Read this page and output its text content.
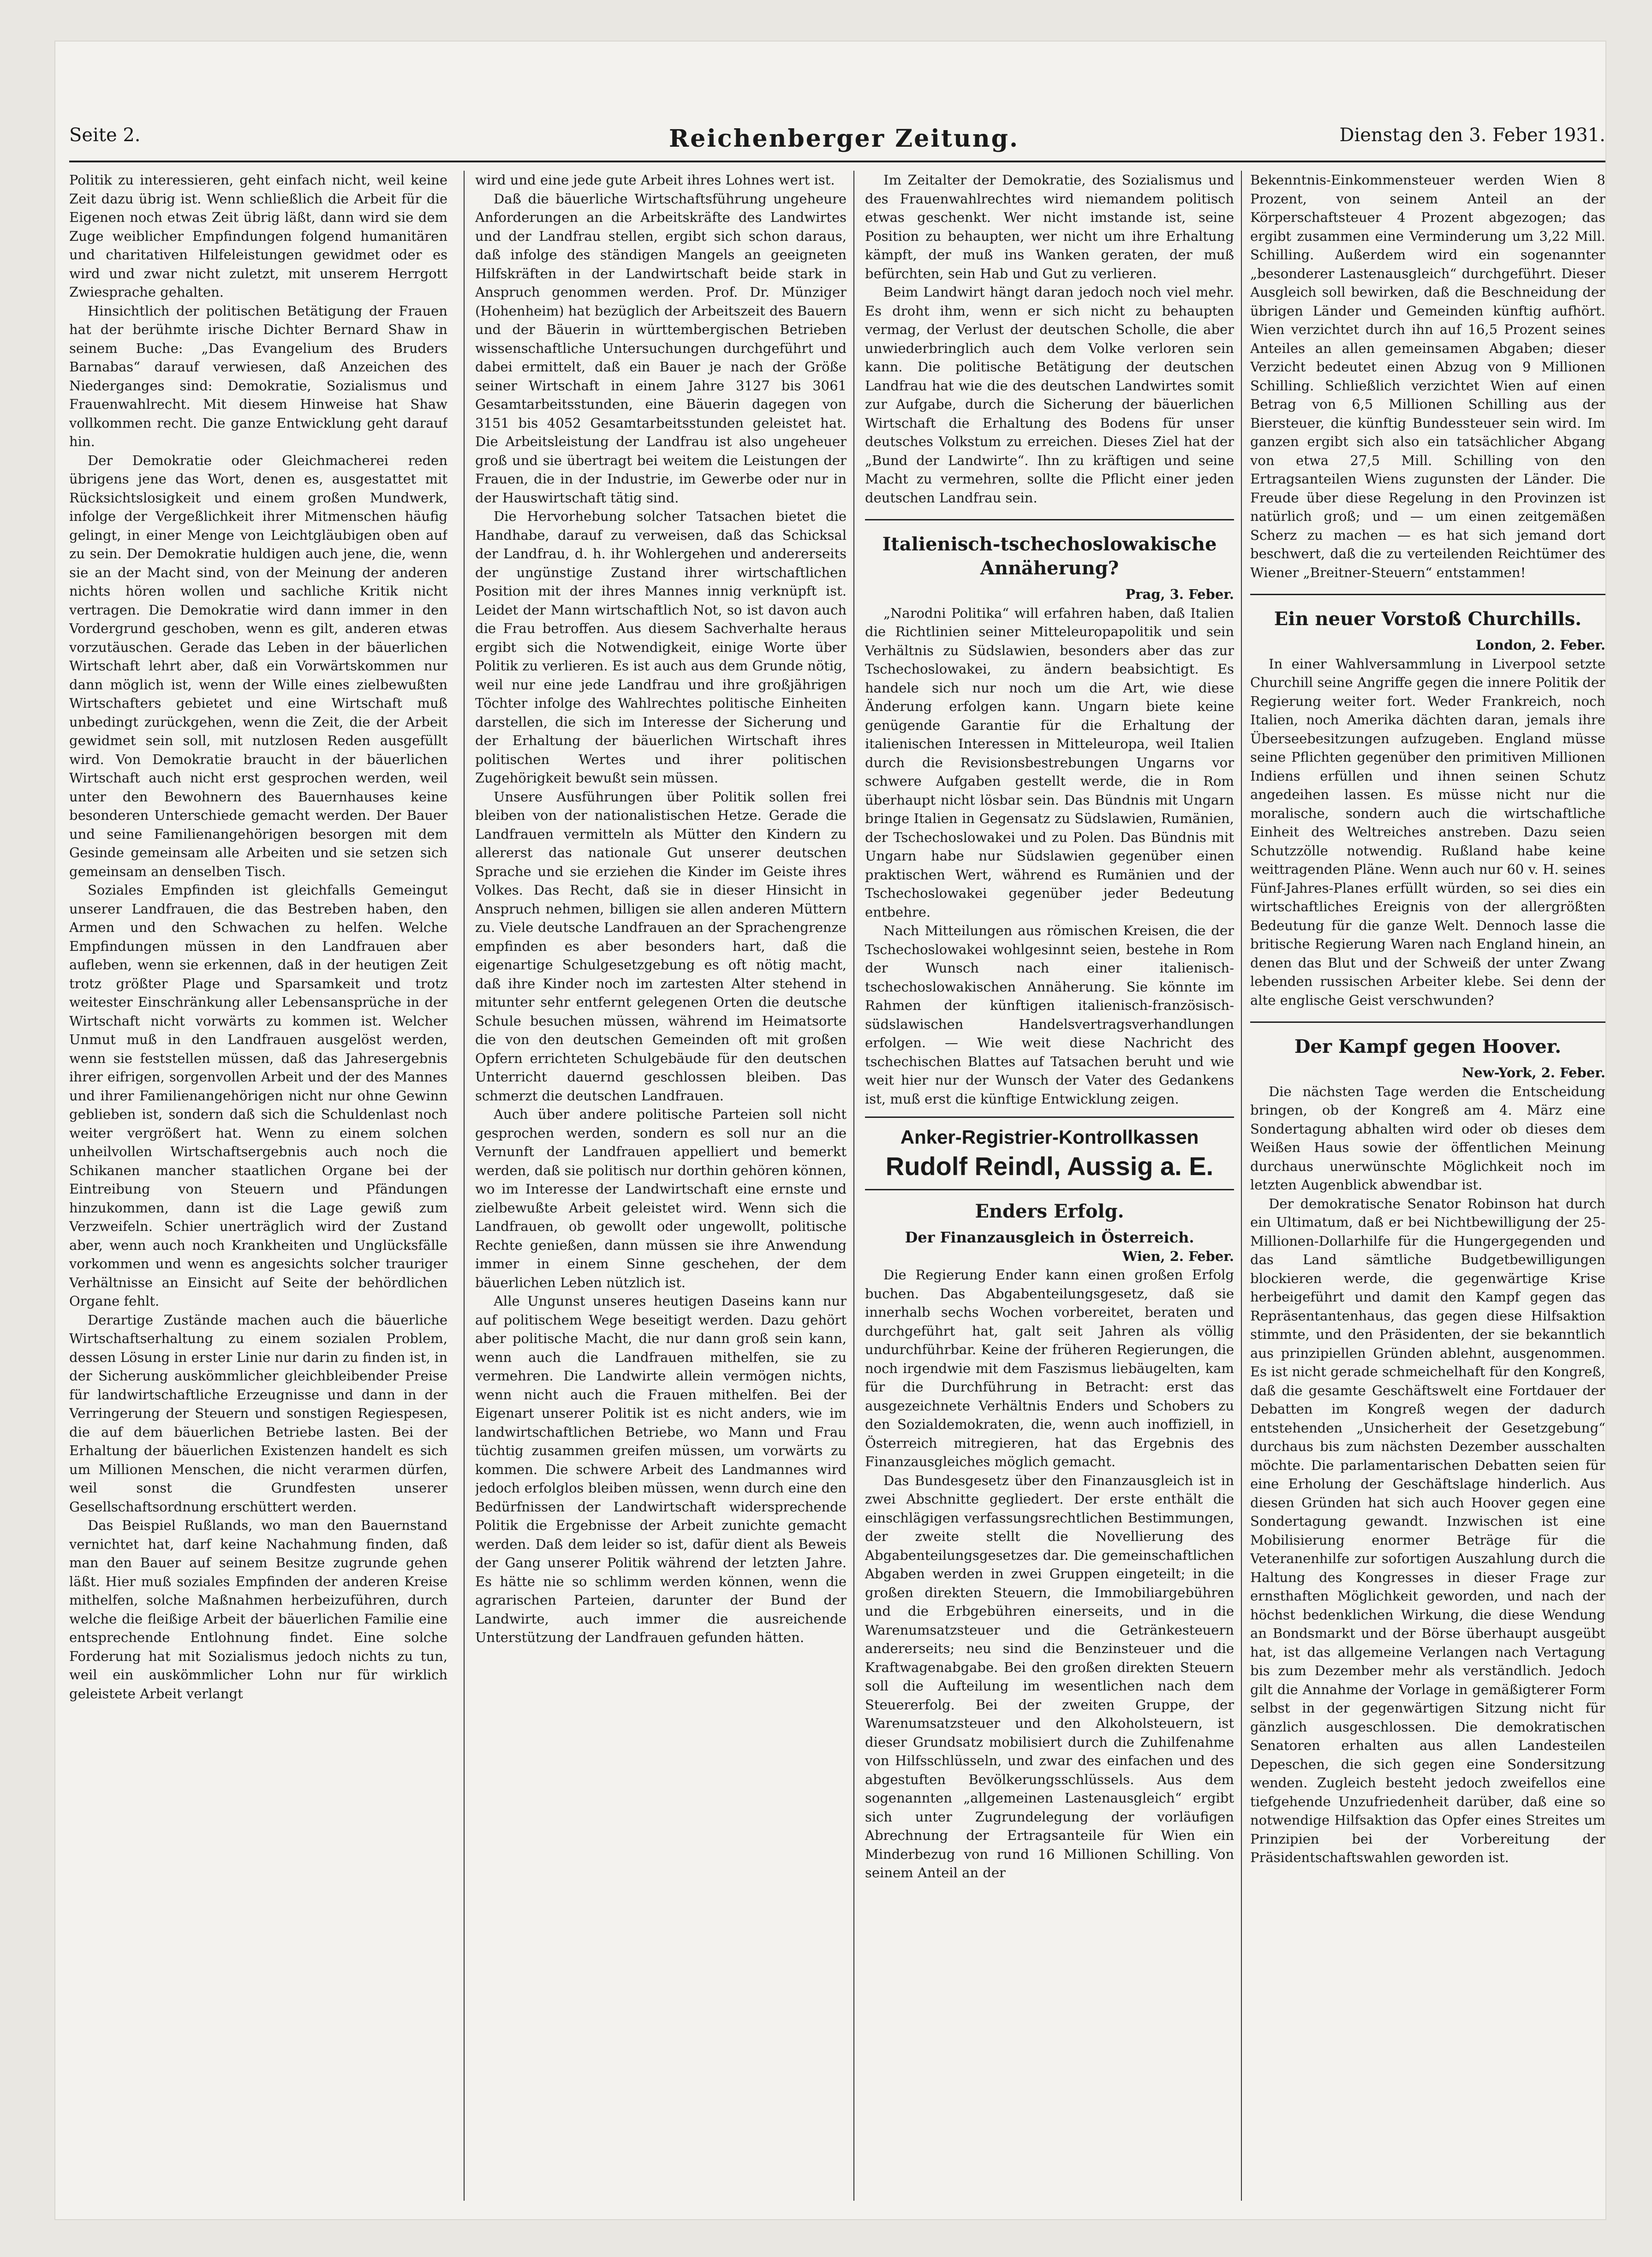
Seite 2.	Reichenberger Zeitung.	Dienstag den 3. Feber 1931.

Politik zu interessieren, geht einfach nicht, weil keine Zeit dazu übrig ist. Wenn schließlich die Arbeit für die Eigenen noch etwas Zeit übrig läßt, dann wird sie dem Zuge weiblicher Empfindungen folgend humanitären und charitativen Hilfeleistungen gewidmet oder es wird und zwar nicht zuletzt, mit unserem Herrgott Zwiesprache gehalten.

Hinsichtlich der politischen Betätigung der Frauen hat der berühmte irische Dichter Bernard Shaw in seinem Buche: „Das Evangelium des Bruders Barnabas“ darauf verwiesen, daß Anzeichen des Niederganges sind: Demokratie, Sozialismus und Frauenwahlrecht. Mit diesem Hinweise hat Shaw vollkommen recht. Die ganze Entwicklung geht darauf hin.

Der Demokratie oder Gleichmacherei reden übrigens jene das Wort, denen es, ausgestattet mit Rücksichtslosigkeit und einem großen Mundwerk, infolge der Vergeßlichkeit ihrer Mitmenschen häufig gelingt, in einer Menge von Leichtgläubigen oben auf zu sein. Der Demokratie huldigen auch jene, die, wenn sie an der Macht sind, von der Meinung der anderen nichts hören wollen und sachliche Kritik nicht vertragen. Die Demokratie wird dann immer in den Vordergrund geschoben, wenn es gilt, anderen etwas vorzutäuschen. Gerade das Leben in der bäuerlichen Wirtschaft lehrt aber, daß ein Vorwärtskommen nur dann möglich ist, wenn der Wille eines zielbewußten Wirtschafters gebietet und eine Wirtschaft muß unbedingt zurückgehen, wenn die Zeit, die der Arbeit gewidmet sein soll, mit nutzlosen Reden ausgefüllt wird. Von Demokratie braucht in der bäuerlichen Wirtschaft auch nicht erst gesprochen werden, weil unter den Bewohnern des Bauernhauses keine besonderen Unterschiede gemacht werden. Der Bauer und seine Familienangehörigen besorgen mit dem Gesinde gemeinsam alle Arbeiten und sie setzen sich gemeinsam an denselben Tisch.

Soziales Empfinden ist gleichfalls Gemeingut unserer Landfrauen, die das Bestreben haben, den Armen und den Schwachen zu helfen. Welche Empfindungen müssen in den Landfrauen aber aufleben, wenn sie erkennen, daß in der heutigen Zeit trotz größter Plage und Sparsamkeit und trotz weitester Einschränkung aller Lebensansprüche in der Wirtschaft nicht vorwärts zu kommen ist. Welcher Unmut muß in den Landfrauen ausgelöst werden, wenn sie feststellen müssen, daß das Jahresergebnis ihrer eifrigen, sorgenvollen Arbeit und der des Mannes und ihrer Familienangehörigen nicht nur ohne Gewinn geblieben ist, sondern daß sich die Schuldenlast noch weiter vergrößert hat. Wenn zu einem solchen unheilvollen Wirtschaftsergebnis auch noch die Schikanen mancher staatlichen Organe bei der Eintreibung von Steuern und Pfändungen hinzukommen, dann ist die Lage gewiß zum Verzweifeln. Schier unerträglich wird der Zustand aber, wenn auch noch Krankheiten und Unglücksfälle vorkommen und wenn es angesichts solcher trauriger Verhältnisse an Einsicht auf Seite der behördlichen Organe fehlt.

Derartige Zustände machen auch die bäuerliche Wirtschaftserhaltung zu einem sozialen Problem, dessen Lösung in erster Linie nur darin zu finden ist, in der Sicherung auskömmlicher gleichbleibender Preise für landwirtschaftliche Erzeugnisse und dann in der Verringerung der Steuern und sonstigen Regiespesen, die auf dem bäuerlichen Betriebe lasten. Bei der Erhaltung der bäuerlichen Existenzen handelt es sich um Millionen Menschen, die nicht verarmen dürfen, weil sonst die Grundfesten unserer Gesellschaftsordnung erschüttert werden.

Das Beispiel Rußlands, wo man den Bauernstand vernichtet hat, darf keine Nachahmung finden, daß man den Bauer auf seinem Besitze zugrunde gehen läßt. Hier muß soziales Empfinden der anderen Kreise mithelfen, solche Maßnahmen herbeizuführen, durch welche die fleißige Arbeit der bäuerlichen Familie eine entsprechende Entlohnung findet. Eine solche Forderung hat mit Sozialismus jedoch nichts zu tun, weil ein auskömmlicher Lohn nur für wirklich geleistete Arbeit verlangt

wird und eine jede gute Arbeit ihres Lohnes wert ist.

Daß die bäuerliche Wirtschaftsführung ungeheure Anforderungen an die Arbeitskräfte des Landwirtes und der Landfrau stellen, ergibt sich schon daraus, daß infolge des ständigen Mangels an geeigneten Hilfskräften in der Landwirtschaft beide stark in Anspruch genommen werden. Prof. Dr. Münziger (Hohenheim) hat bezüglich der Arbeitszeit des Bauern und der Bäuerin in württembergischen Betrieben wissenschaftliche Untersuchungen durchgeführt und dabei ermittelt, daß ein Bauer je nach der Größe seiner Wirtschaft in einem Jahre 3127 bis 3061 Gesamtarbeitsstunden, eine Bäuerin dagegen von 3151 bis 4052 Gesamtarbeitsstunden geleistet hat. Die Arbeitsleistung der Landfrau ist also ungeheuer groß und sie übertragt bei weitem die Leistungen der Frauen, die in der Industrie, im Gewerbe oder nur in der Hauswirtschaft tätig sind.

Die Hervorhebung solcher Tatsachen bietet die Handhabe, darauf zu verweisen, daß das Schicksal der Landfrau, d. h. ihr Wohlergehen und andererseits der ungünstige Zustand ihrer wirtschaftlichen Position mit der ihres Mannes innig verknüpft ist. Leidet der Mann wirtschaftlich Not, so ist davon auch die Frau betroffen. Aus diesem Sachverhalte heraus ergibt sich die Notwendigkeit, einige Worte über Politik zu verlieren. Es ist auch aus dem Grunde nötig, weil nur eine jede Landfrau und ihre großjährigen Töchter infolge des Wahlrechtes politische Einheiten darstellen, die sich im Interesse der Sicherung und der Erhaltung der bäuerlichen Wirtschaft ihres politischen Wertes und ihrer politischen Zugehörigkeit bewußt sein müssen.

Unsere Ausführungen über Politik sollen frei bleiben von der nationalistischen Hetze. Gerade die Landfrauen vermitteln als Mütter den Kindern zu allererst das nationale Gut unserer deutschen Sprache und sie erziehen die Kinder im Geiste ihres Volkes. Das Recht, daß sie in dieser Hinsicht in Anspruch nehmen, billigen sie allen anderen Müttern zu. Viele deutsche Landfrauen an der Sprachengrenze empfinden es aber besonders hart, daß die eigenartige Schulgesetzgebung es oft nötig macht, daß ihre Kinder noch im zartesten Alter stehend in mitunter sehr entfernt gelegenen Orten die deutsche Schule besuchen müssen, während im Heimatsorte die von den deutschen Gemeinden oft mit großen Opfern errichteten Schulgebäude für den deutschen Unterricht dauernd geschlossen bleiben. Das schmerzt die deutschen Landfrauen.

Auch über andere politische Parteien soll nicht gesprochen werden, sondern es soll nur an die Vernunft der Landfrauen appelliert und bemerkt werden, daß sie politisch nur dorthin gehören können, wo im Interesse der Landwirtschaft eine ernste und zielbewußte Arbeit geleistet wird. Wenn sich die Landfrauen, ob gewollt oder ungewollt, politische Rechte genießen, dann müssen sie ihre Anwendung immer in einem Sinne geschehen, der dem bäuerlichen Leben nützlich ist.

Alle Ungunst unseres heutigen Daseins kann nur auf politischem Wege beseitigt werden. Dazu gehört aber politische Macht, die nur dann groß sein kann, wenn auch die Landfrauen mithelfen, sie zu vermehren. Die Landwirte allein vermögen nichts, wenn nicht auch die Frauen mithelfen. Bei der Eigenart unserer Politik ist es nicht anders, wie im landwirtschaftlichen Betriebe, wo Mann und Frau tüchtig zusammen greifen müssen, um vorwärts zu kommen. Die schwere Arbeit des Landmannes wird jedoch erfolglos bleiben müssen, wenn durch eine den Bedürfnissen der Landwirtschaft widersprechende Politik die Ergebnisse der Arbeit zunichte gemacht werden. Daß dem leider so ist, dafür dient als Beweis der Gang unserer Politik während der letzten Jahre. Es hätte nie so schlimm werden können, wenn die agrarischen Parteien, darunter der Bund der Landwirte, auch immer die ausreichende Unterstützung der Landfrauen gefunden hätten.

Im Zeitalter der Demokratie, des Sozialismus und des Frauenwahlrechtes wird niemandem politisch etwas geschenkt. Wer nicht imstande ist, seine Position zu behaupten, wer nicht um ihre Erhaltung kämpft, der muß ins Wanken geraten, der muß befürchten, sein Hab und Gut zu verlieren.

Beim Landwirt hängt daran jedoch noch viel mehr. Es droht ihm, wenn er sich nicht zu behaupten vermag, der Verlust der deutschen Scholle, die aber unwiederbringlich auch dem Volke verloren sein kann. Die politische Betätigung der deutschen Landfrau hat wie die des deutschen Landwirtes somit zur Aufgabe, durch die Sicherung der bäuerlichen Wirtschaft die Erhaltung des Bodens für unser deutsches Volkstum zu erreichen. Dieses Ziel hat der „Bund der Landwirte“. Ihn zu kräftigen und seine Macht zu vermehren, sollte die Pflicht einer jeden deutschen Landfrau sein.

Italienisch-tschechoslowakische Annäherung?

Prag, 3. Feber.

„Narodni Politika“ will erfahren haben, daß Italien die Richtlinien seiner Mitteleuropapolitik und sein Verhältnis zu Südslawien, besonders aber das zur Tschechoslowakei, zu ändern beabsichtigt. Es handele sich nur noch um die Art, wie diese Änderung erfolgen kann. Ungarn biete keine genügende Garantie für die Erhaltung der italienischen Interessen in Mitteleuropa, weil Italien durch die Revisionsbestrebungen Ungarns vor schwere Aufgaben gestellt werde, die in Rom überhaupt nicht lösbar sein. Das Bündnis mit Ungarn bringe Italien in Gegensatz zu Südslawien, Rumänien, der Tschechoslowakei und zu Polen. Das Bündnis mit Ungarn habe nur Südslawien gegenüber einen praktischen Wert, während es Rumänien und der Tschechoslowakei gegenüber jeder Bedeutung entbehre.

Nach Mitteilungen aus römischen Kreisen, die der Tschechoslowakei wohlgesinnt seien, bestehe in Rom der Wunsch nach einer italienisch-tschechoslowakischen Annäherung. Sie könnte im Rahmen der künftigen italienisch-französisch-südslawischen Handelsvertragsverhandlungen erfolgen. — Wie weit diese Nachricht des tschechischen Blattes auf Tatsachen beruht und wie weit hier nur der Wunsch der Vater des Gedankens ist, muß erst die künftige Entwicklung zeigen.

Anker-Registrier-Kontrollkassen
Rudolf Reindl, Aussig a. E.
Enders Erfolg.

Der Finanzausgleich in Österreich.

Wien, 2. Feber.

Die Regierung Ender kann einen großen Erfolg buchen. Das Abgabenteilungsgesetz, daß sie innerhalb sechs Wochen vorbereitet, beraten und durchgeführt hat, galt seit Jahren als völlig undurchführbar. Keine der früheren Regierungen, die noch irgendwie mit dem Faszismus liebäugelten, kam für die Durchführung in Betracht: erst das ausgezeichnete Verhältnis Enders und Schobers zu den Sozialdemokraten, die, wenn auch inoffiziell, in Österreich mitregieren, hat das Ergebnis des Finanzausgleiches möglich gemacht.

Das Bundesgesetz über den Finanzausgleich ist in zwei Abschnitte gegliedert. Der erste enthält die einschlägigen verfassungsrechtlichen Bestimmungen, der zweite stellt die Novellierung des Abgabenteilungsgesetzes dar. Die gemeinschaftlichen Abgaben werden in zwei Gruppen eingeteilt; in die großen direkten Steuern, die Immobiliargebühren und die Erbgebühren einerseits, und in die Warenumsatzsteuer und die Getränkesteuern andererseits; neu sind die Benzinsteuer und die Kraftwagenabgabe. Bei den großen direkten Steuern soll die Aufteilung im wesentlichen nach dem Steuererfolg. Bei der zweiten Gruppe, der Warenumsatzsteuer und den Alkoholsteuern, ist dieser Grundsatz mobilisiert durch die Zuhilfenahme von Hilfsschlüsseln, und zwar des einfachen und des abgestuften Bevölkerungsschlüssels. Aus dem sogenannten „allgemeinen Lastenausgleich“ ergibt sich unter Zugrundelegung der vorläufigen Abrechnung der Ertragsanteile für Wien ein Minderbezug von rund 16 Millionen Schilling. Von seinem Anteil an der

Bekenntnis-Einkommensteuer werden Wien 8 Prozent, von seinem Anteil an der Körperschaftsteuer 4 Prozent abgezogen; das ergibt zusammen eine Verminderung um 3,22 Mill. Schilling. Außerdem wird ein sogenannter „besonderer Lastenausgleich“ durchgeführt. Dieser Ausgleich soll bewirken, daß die Beschneidung der übrigen Länder und Gemeinden künftig aufhört. Wien verzichtet durch ihn auf 16,5 Prozent seines Anteiles an allen gemeinsamen Abgaben; dieser Verzicht bedeutet einen Abzug von 9 Millionen Schilling. Schließlich verzichtet Wien auf einen Betrag von 6,5 Millionen Schilling aus der Biersteuer, die künftig Bundessteuer sein wird. Im ganzen ergibt sich also ein tatsächlicher Abgang von etwa 27,5 Mill. Schilling von den Ertragsanteilen Wiens zugunsten der Länder. Die Freude über diese Regelung in den Provinzen ist natürlich groß; und — um einen zeitgemäßen Scherz zu machen — es hat sich jemand dort beschwert, daß die zu verteilenden Reichtümer des Wiener „Breitner-Steuern“ entstammen!

Ein neuer Vorstoß Churchills.

London, 2. Feber.

In einer Wahlversammlung in Liverpool setzte Churchill seine Angriffe gegen die innere Politik der Regierung weiter fort. Weder Frankreich, noch Italien, noch Amerika dächten daran, jemals ihre Überseebesitzungen aufzugeben. England müsse seine Pflichten gegenüber den primitiven Millionen Indiens erfüllen und ihnen seinen Schutz angedeihen lassen. Es müsse nicht nur die moralische, sondern auch die wirtschaftliche Einheit des Weltreiches anstreben. Dazu seien Schutzzölle notwendig. Rußland habe keine weittragenden Pläne. Wenn auch nur 60 v. H. seines Fünf-Jahres-Planes erfüllt würden, so sei dies ein wirtschaftliches Ereignis von der allergrößten Bedeutung für die ganze Welt. Dennoch lasse die britische Regierung Waren nach England hinein, an denen das Blut und der Schweiß der unter Zwang lebenden russischen Arbeiter klebe. Sei denn der alte englische Geist verschwunden?

Der Kampf gegen Hoover.

New-York, 2. Feber.

Die nächsten Tage werden die Entscheidung bringen, ob der Kongreß am 4. März eine Sondertagung abhalten wird oder ob dieses dem Weißen Haus sowie der öffentlichen Meinung durchaus unerwünschte Möglichkeit noch im letzten Augenblick abwendbar ist.

Der demokratische Senator Robinson hat durch ein Ultimatum, daß er bei Nichtbewilligung der 25-Millionen-Dollarhilfe für die Hungergegenden und das Land sämtliche Budgetbewilligungen blockieren werde, die gegenwärtige Krise herbeigeführt und damit den Kampf gegen das Repräsentantenhaus, das gegen diese Hilfsaktion stimmte, und den Präsidenten, der sie bekanntlich aus prinzipiellen Gründen ablehnt, ausgenommen. Es ist nicht gerade schmeichelhaft für den Kongreß, daß die gesamte Geschäftswelt eine Fortdauer der Debatten im Kongreß wegen der dadurch entstehenden „Unsicherheit der Gesetzgebung“ durchaus bis zum nächsten Dezember ausschalten möchte. Die parlamentarischen Debatten seien für eine Erholung der Geschäftslage hinderlich. Aus diesen Gründen hat sich auch Hoover gegen eine Sondertagung gewandt. Inzwischen ist eine Mobilisierung enormer Beträge für die Veteranenhilfe zur sofortigen Auszahlung durch die Haltung des Kongresses in dieser Frage zur ernsthaften Möglichkeit geworden, und nach der höchst bedenklichen Wirkung, die diese Wendung an Bondsmarkt und der Börse überhaupt ausgeübt hat, ist das allgemeine Verlangen nach Vertagung bis zum Dezember mehr als verständlich. Jedoch gilt die Annahme der Vorlage in gemäßigterer Form selbst in der gegenwärtigen Sitzung nicht für gänzlich ausgeschlossen. Die demokratischen Senatoren erhalten aus allen Landesteilen Depeschen, die sich gegen eine Sondersitzung wenden. Zugleich besteht jedoch zweifellos eine tiefgehende Unzufriedenheit darüber, daß eine so notwendige Hilfsaktion das Opfer eines Streites um Prinzipien bei der Vorbereitung der Präsidentschaftswahlen geworden ist.
